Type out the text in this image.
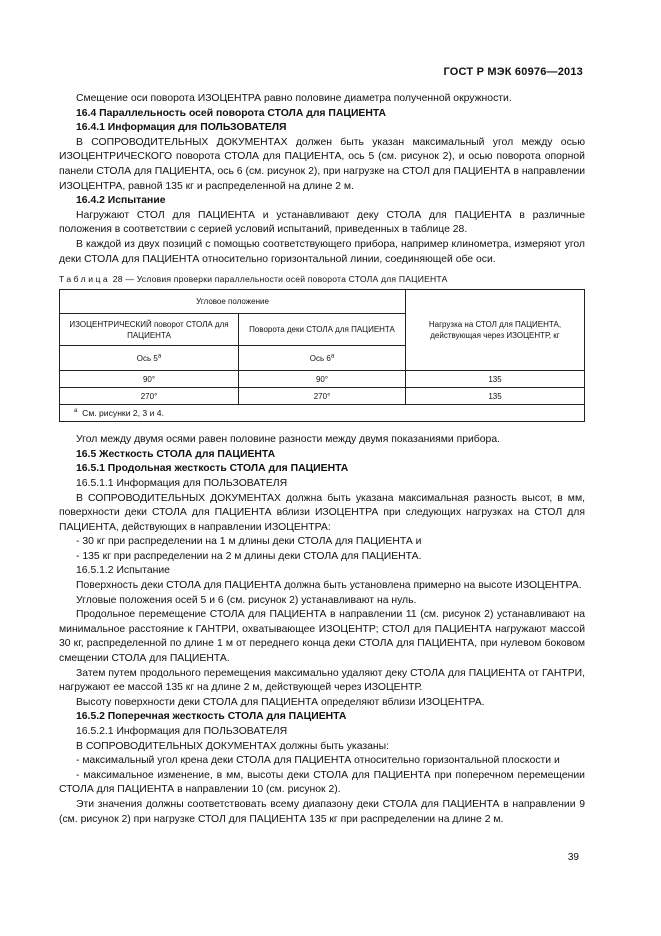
ГОСТ Р МЭК 60976—2013

Смещение оси поворота ИЗОЦЕНТРА равно половине диаметра полученной окружности.

16.4 Параллельность осей поворота СТОЛА для ПАЦИЕНТА

16.4.1 Информация для ПОЛЬЗОВАТЕЛЯ

В СОПРОВОДИТЕЛЬНЫХ ДОКУМЕНТАХ должен быть указан максимальный угол между осью ИЗОЦЕНТРИЧЕСКОГО поворота СТОЛА для ПАЦИЕНТА, ось 5 (см. рисунок 2), и осью поворота опорной панели СТОЛА для ПАЦИЕНТА, ось 6 (см. рисунок 2), при нагрузке на СТОЛ для ПАЦИЕНТА в направлении ИЗОЦЕНТРА, равной 135 кг и распределенной на длине 2 м.

16.4.2 Испытание

Нагружают СТОЛ для ПАЦИЕНТА и устанавливают деку СТОЛА для ПАЦИЕНТА в различные положения в соответствии с серией условий испытаний, приведенных в таблице 28.

В каждой из двух позиций с помощью соответствующего прибора, например клинометра, измеряют угол деки СТОЛА для ПАЦИЕНТА относительно горизонтальной линии, соединяющей обе оси.

Таблица 28 — Условия проверки параллельности осей поворота СТОЛА для ПАЦИЕНТА

Угловое положение		Нагрузка на СТОЛ для ПАЦИЕНТА, действующая через ИЗОЦЕНТР, кг
ИЗОЦЕНТРИЧЕСКИЙ поворот СТОЛА для ПАЦИЕНТА	Поворота деки СТОЛА для ПАЦИЕНТА	
Ось 5$^a$	Ось 6$^a$
90°	90°	135
270°	270°	135
$^a$ См. рисунки 2, 3 и 4.		

Угол между двумя осями равен половине разности между двумя показаниями прибора.

16.5 Жесткость СТОЛА для ПАЦИЕНТА

16.5.1 Продольная жесткость СТОЛА для ПАЦИЕНТА

16.5.1.1 Информация для ПОЛЬЗОВАТЕЛЯ

В СОПРОВОДИТЕЛЬНЫХ ДОКУМЕНТАХ должна быть указана максимальная разность высот, в мм, поверхности деки СТОЛА для ПАЦИЕНТА вблизи ИЗОЦЕНТРА при следующих нагрузках на СТОЛ для ПАЦИЕНТА, действующих в направлении ИЗОЦЕНТРА:

- 30 кг при распределении на 1 м длины деки СТОЛА для ПАЦИЕНТА и

- 135 кг при распределении на 2 м длины деки СТОЛА для ПАЦИЕНТА.

16.5.1.2 Испытание

Поверхность деки СТОЛА для ПАЦИЕНТА должна быть установлена примерно на высоте ИЗОЦЕНТРА.

Угловые положения осей 5 и 6 (см. рисунок 2) устанавливают на нуль.

Продольное перемещение СТОЛА для ПАЦИЕНТА в направлении 11 (см. рисунок 2) устанавливают на минимальное расстояние к ГАНТРИ, охватывающее ИЗОЦЕНТР; СТОЛ для ПАЦИЕНТА нагружают массой 30 кг, распределенной по длине 1 м от переднего конца деки СТОЛА для ПАЦИЕНТА, при нулевом боковом смещении СТОЛА для ПАЦИЕНТА.

Затем путем продольного перемещения максимально удаляют деку СТОЛА для ПАЦИЕНТА от ГАНТРИ, нагружают ее массой 135 кг на длине 2 м, действующей через ИЗОЦЕНТР.

Высоту поверхности деки СТОЛА для ПАЦИЕНТА определяют вблизи ИЗОЦЕНТРА.

16.5.2 Поперечная жесткость СТОЛА для ПАЦИЕНТА

16.5.2.1 Информация для ПОЛЬЗОВАТЕЛЯ

В СОПРОВОДИТЕЛЬНЫХ ДОКУМЕНТАХ должны быть указаны:

- максимальный угол крена деки СТОЛА для ПАЦИЕНТА относительно горизонтальной плоскости и

- максимальное изменение, в мм, высоты деки СТОЛА для ПАЦИЕНТА при поперечном перемещении СТОЛА для ПАЦИЕНТА в направлении 10 (см. рисунок 2).

Эти значения должны соответствовать всему диапазону деки СТОЛА для ПАЦИЕНТА в направлении 9 (см. рисунок 2) при нагрузке СТОЛ для ПАЦИЕНТА 135 кг при распределении на длине 2 м.

39
